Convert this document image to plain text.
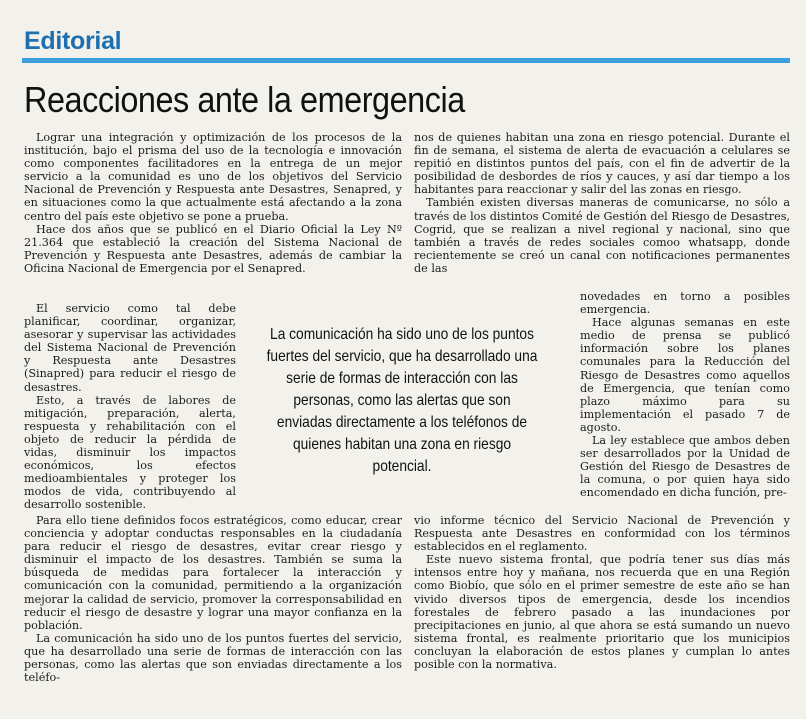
Editorial
Reacciones ante la emergencia

Lograr una integración y optimización de los procesos de la institución, bajo el prisma del uso de la tecnología e innovación como componentes facilitadores en la entrega de un mejor servicio a la comunidad es uno de los objetivos del Servicio Nacional de Prevención y Respuesta ante Desastres, Senapred, y en situaciones como la que actualmente está afectando a la zona centro del país este objetivo se pone a prueba.

Hace dos años que se publicó en el Diario Oficial la Ley Nº 21.364 que estableció la creación del Sistema Nacional de Prevención y Respuesta ante Desastres, además de cambiar la Oficina Nacional de Emergencia por el Senapred.

El servicio como tal debe planificar, coordinar, organizar, asesorar y supervisar las actividades del Sistema Nacional de Prevención y Respuesta ante Desastres (Sinapred) para reducir el riesgo de desastres.

Esto, a través de labores de mitigación, preparación, alerta, respuesta y rehabilitación con el objeto de reducir la pérdida de vidas, disminuir los impactos económicos, los efectos medioambientales y proteger los modos de vida, contribuyendo al desarrollo sostenible.

Para ello tiene definidos focos estratégicos, como educar, crear conciencia y adoptar conductas responsables en la ciudadanía para reducir el riesgo de desastres, evitar crear riesgo y disminuir el impacto de los desastres. También se suma la búsqueda de medidas para fortalecer la interacción y comunicación con la comunidad, permitiendo a la organización mejorar la calidad de servicio, promover la corresponsabilidad en reducir el riesgo de desastre y lograr una mayor confianza en la población.

La comunicación ha sido uno de los puntos fuertes del servicio, que ha desarrollado una serie de formas de interacción con las personas, como las alertas que son enviadas directamente a los teléfo-

nos de quienes habitan una zona en riesgo potencial. Durante el fin de semana, el sistema de alerta de evacuación a celulares se repitió en distintos puntos del país, con el fin de advertir de la posibilidad de desbordes de ríos y cauces, y así dar tiempo a los habitantes para reaccionar y salir del las zonas en riesgo.

También existen diversas maneras de comunicarse, no sólo a través de los distintos Comité de Gestión del Riesgo de Desastres, Cogrid, que se realizan a nivel regional y nacional, sino que también a través de redes sociales comoo whatsapp, donde recientemente se creó un canal con notificaciones permanentes de las

novedades en torno a posibles emergencia.

Hace algunas semanas en este medio de prensa se publicó información sobre los planes comunales para la Reducción del Riesgo de Desastres como aquellos de Emergencia, que tenían como plazo máximo para su implementación el pasado 7 de agosto.

La ley establece que ambos deben ser desarrollados por la Unidad de Gestión del Riesgo de Desastres de la comuna, o por quien haya sido encomendado en dicha función, pre-

vio informe técnico del Servicio Nacional de Prevención y Respuesta ante Desastres en conformidad con los términos establecidos en el reglamento.

Este nuevo sistema frontal, que podría tener sus días más intensos entre hoy y mañana, nos recuerda que en una Región como Biobío, que sólo en el primer semestre de este año se han vivido diversos tipos de emergencia, desde los incendios forestales de febrero pasado a las inundaciones por precipitaciones en junio, al que ahora se está sumando un nuevo sistema frontal, es realmente prioritario que los municipios concluyan la elaboración de estos planes y cumplan lo antes posible con la normativa.

La comunicación ha sido uno de los puntos fuertes del servicio, que ha desarrollado una serie de formas de interacción con las personas, como las alertas que son enviadas directamente a los teléfonos de quienes habitan una zona en riesgo potencial.
